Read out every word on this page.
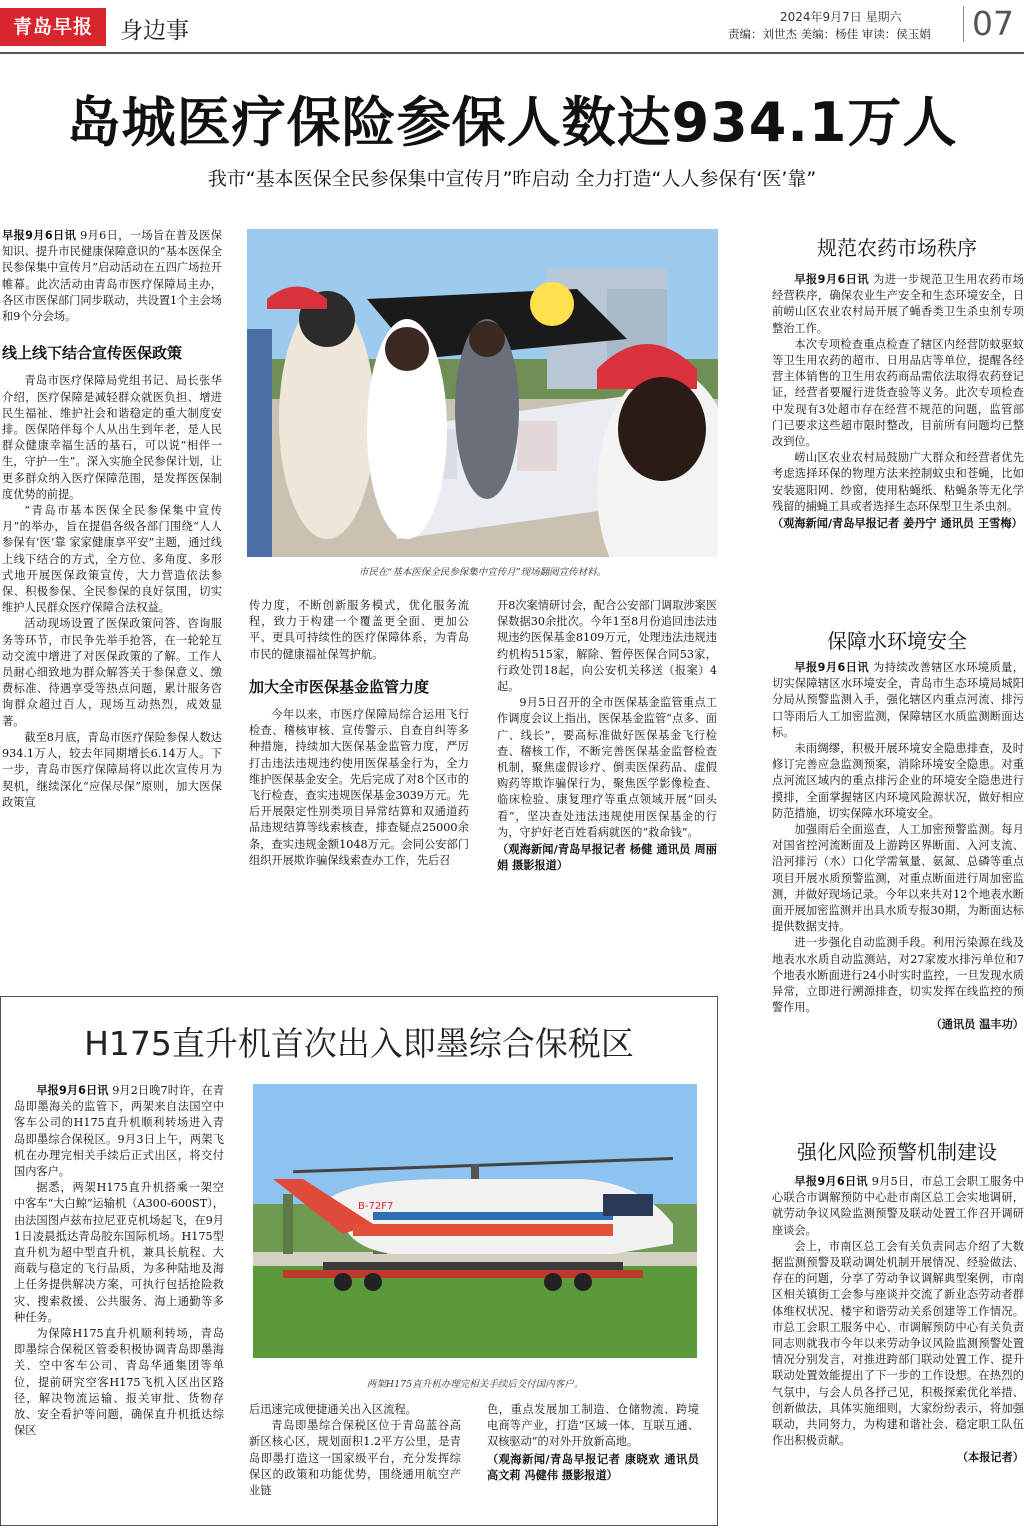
青岛早报	身边事
2024年9月7日 星期六
责编：刘世杰 美编：杨佳 审读：侯玉娟 07
岛城医疗保险参保人数达934.1万人
我市“基本医保全民参保集中宣传月”昨启动 全力打造“人人参保有‘医’靠”

早报9月6日讯 9月6日，一场旨在普及医保知识、提升市民健康保障意识的“基本医保全民参保集中宣传月”启动活动在五四广场拉开帷幕。此次活动由青岛市医疗保障局主办，各区市医保部门同步联动，共设置1个主会场和9个分会场。

线上线下结合宣传医保政策

青岛市医疗保障局党组书记、局长张华介绍，医疗保障是减轻群众就医负担、增进民生福祉、维护社会和谐稳定的重大制度安排。医保陪伴每个人从出生到年老，是人民群众健康幸福生活的基石，可以说“相伴一生，守护一生”。深入实施全民参保计划，让更多群众纳入医疗保障范围，是发挥医保制度优势的前提。

“青岛市基本医保全民参保集中宣传月”的举办，旨在提倡各级各部门围绕“人人参保有‘医’靠 家家健康享平安”主题，通过线上线下结合的方式，全方位、多角度、多形式地开展医保政策宣传，大力营造依法参保、积极参保、全民参保的良好氛围，切实维护人民群众医疗保障合法权益。

活动现场设置了医保政策问答、咨询服务等环节，市民争先举手抢答，在一轮轮互动交流中增进了对医保政策的了解。工作人员耐心细致地为群众解答关于参保意义、缴费标准、待遇享受等热点问题，累计服务咨询群众超过百人，现场互动热烈，成效显著。

截至8月底，青岛市医疗保险参保人数达934.1万人，较去年同期增长6.14万人。下一步，青岛市医疗保障局将以此次宣传月为契机，继续深化“应保尽保”原则，加大医保政策宣

市民在“基本医保全民参保集中宣传月”现场翻阅宣传材料。

传力度，不断创新服务模式，优化服务流程，致力于构建一个覆盖更全面、更加公平、更具可持续性的医疗保障体系，为青岛市民的健康福祉保驾护航。

加大全市医保基金监管力度

今年以来，市医疗保障局综合运用飞行检查、稽核审核、宣传警示、自查自纠等多种措施，持续加大医保基金监管力度，严厉打击违法违规违约使用医保基金行为，全力维护医保基金安全。先后完成了对8个区市的飞行检查，查实违规医保基金3039万元。先后开展限定性别类项目异常结算和双通道药品违规结算等线索核查，排查疑点25000余条，查实违规金额1048万元。会同公安部门组织开展欺诈骗保线索查办工作，先后召

开8次案情研讨会，配合公安部门调取涉案医保数据30余批次。今年1至8月份追回违法违规违约医保基金8109万元，处理违法违规违约机构515家，解除、暂停医保合同53家，行政处罚18起，向公安机关移送（报案）4起。

9月5日召开的全市医保基金监管重点工作调度会议上指出，医保基金监管“点多、面广、线长”，要高标准做好医保基金飞行检查、稽核工作，不断完善医保基金监督检查机制，聚焦虚假诊疗、倒卖医保药品、虚假购药等欺诈骗保行为，聚焦医学影像检查、临床检验、康复理疗等重点领域开展“回头看”，坚决查处违法违规使用医保基金的行为，守护好老百姓看病就医的“救命钱”。

（观海新闻/青岛早报记者 杨健 通讯员 周丽娟 摄影报道）

H175直升机首次出入即墨综合保税区

早报9月6日讯 9月2日晚7时许，在青岛即墨海关的监管下，两架来自法国空中客车公司的H175直升机顺利转场进入青岛即墨综合保税区。9月3日上午，两架飞机在办理完相关手续后正式出区，将交付国内客户。

据悉，两架H175直升机搭乘一架空中客车“大白鲸”运输机（A300-600ST），由法国图卢兹布拉尼亚克机场起飞，在9月1日凌晨抵达青岛胶东国际机场。H175型直升机为超中型直升机，兼具长航程、大商载与稳定的飞行品质，为多种陆地及海上任务提供解决方案，可执行包括抢险救灾、搜索救援、公共服务、海上通勤等多种任务。

为保障H175直升机顺利转场，青岛即墨综合保税区管委积极协调青岛即墨海关、空中客车公司、青岛华通集团等单位，提前研究空客H175飞机入区出区路径，解决物流运输、报关审批、货物存放、安全看护等问题，确保直升机抵达综保区

B-72F7
两架H175直升机办理完相关手续后交付国内客户。

后迅速完成便捷通关出入区流程。

青岛即墨综合保税区位于青岛蓝谷高新区核心区，规划面积1.2平方公里，是青岛即墨打造这一国家级平台，充分发挥综保区的政策和功能优势，围绕通用航空产业链

色，重点发展加工制造、仓储物流、跨境电商等产业，打造“区域一体、互联互通、双核驱动”的对外开放新高地。

（观海新闻/青岛早报记者 康晓欢 通讯员 高文莉 冯健伟 摄影报道）

规范农药市场秩序

早报9月6日讯 为进一步规范卫生用农药市场经营秩序，确保农业生产安全和生态环境安全，日前崂山区农业农村局开展了蝇香类卫生杀虫剂专项整治工作。

本次专项检查重点检查了辖区内经营防蚊驱蚊等卫生用农药的超市、日用品店等单位，提醒各经营主体销售的卫生用农药商品需依法取得农药登记证，经营者要履行进货查验等义务。此次专项检查中发现有3处超市存在经营不规范的问题，监管部门已要求这些超市限时整改，目前所有问题均已整改到位。

崂山区农业农村局鼓励广大群众和经营者优先考虑选择环保的物理方法来控制蚊虫和苍蝇，比如安装遮阳网、纱窗，使用粘蝇纸、粘蝇条等无化学残留的捕蝇工具或者选择生态环保型卫生杀虫剂。

（观海新闻/青岛早报记者 姜丹宁 通讯员 王雪梅）

保障水环境安全

早报9月6日讯 为持续改善辖区水环境质量，切实保障辖区水环境安全，青岛市生态环境局城阳分局从预警监测入手，强化辖区内重点河流、排污口等雨后人工加密监测，保障辖区水质监测断面达标。

未雨绸缪，积极开展环境安全隐患排查，及时修订完善应急监测预案，消除环境安全隐患。对重点河流区域内的重点排污企业的环境安全隐患进行摸排，全面掌握辖区内环境风险源状况，做好相应防范措施，切实保障水环境安全。

加强雨后全面巡查，人工加密预警监测。每月对国省控河流断面及上游跨区界断面、入河支流、沿河排污（水）口化学需氧量、氨氮、总磷等重点项目开展水质预警监测，对重点断面进行周加密监测，并做好现场记录。今年以来共对12个地表水断面开展加密监测并出具水质专报30期，为断面达标提供数据支持。

进一步强化自动监测手段。利用污染源在线及地表水水质自动监测站，对27家废水排污单位和7个地表水断面进行24小时实时监控，一旦发现水质异常，立即进行溯源排查，切实发挥在线监控的预警作用。

（通讯员 温丰功）

强化风险预警机制建设

早报9月6日讯 9月5日，市总工会职工服务中心联合市调解预防中心赴市南区总工会实地调研，就劳动争议风险监测预警及联动处置工作召开调研座谈会。

会上，市南区总工会有关负责同志介绍了大数据监测预警及联动调处机制开展情况、经验做法、存在的问题，分享了劳动争议调解典型案例，市南区相关镇街工会参与座谈并交流了新业态劳动者群体维权状况、楼宇和谐劳动关系创建等工作情况。市总工会职工服务中心、市调解预防中心有关负责同志则就我市今年以来劳动争议风险监测预警处置情况分别发言，对推进跨部门联动处置工作、提升联动处置效能提出了下一步的工作设想。在热烈的气氛中，与会人员各抒己见，积极探索优化举措、创新做法，具体实施细则，大家纷纷表示，将加强联动，共同努力，为构建和谐社会、稳定职工队伍作出积极贡献。

（本报记者）
